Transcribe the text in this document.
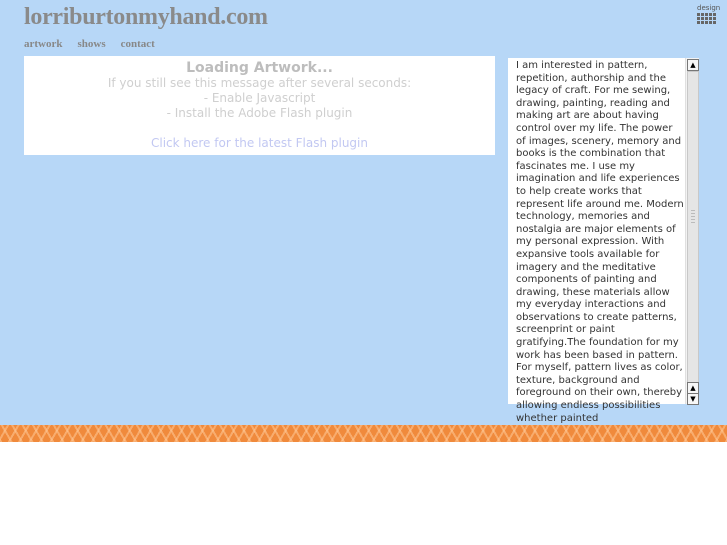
lorriburtonmyhand.com	design
artwork shows contact
Loading Artwork...
If you still see this message after several seconds:
- Enable Javascript
- Install the Adobe Flash plugin
Click here for the latest Flash plugin

I am interested in pattern, repetition, authorship and the legacy of craft. For me sewing, drawing, painting, reading and making art are about having control over my life. The power of images, scenery, memory and books is the combination that fascinates me. I use my imagination and life experiences to help create works that represent life around me. Modern technology, memories and nostalgia are major elements of my personal expression. With expansive tools available for imagery and the meditative components of painting and drawing, these materials allow my everyday interactions and observations to create patterns, screenprint or paint gratifying.The foundation for my work has been based in pattern. For myself, pattern lives as color, texture, background and foreground on their own, thereby allowing endless possibilities whether painted

▲
▲
▼
